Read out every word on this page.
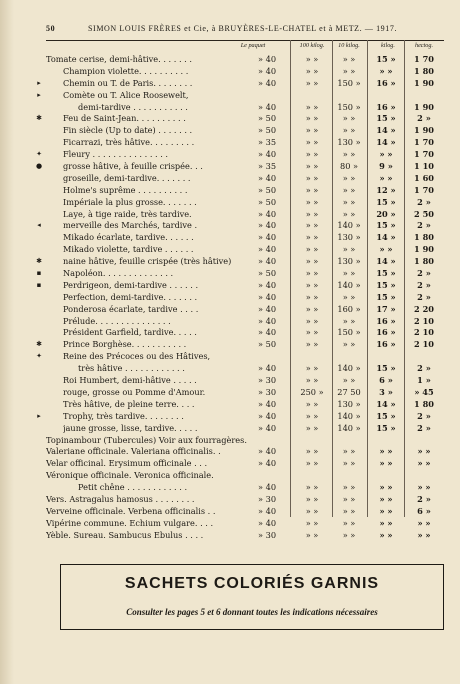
50	SIMON LOUIS FRÈRES et Cie, à BRUYÈRES-LE-CHATEL et à METZ. — 1917.
Le paquet	100 kilog.	10 kilog.	kilog.	hectog.
Tomate cerise, demi-hâtive. . . . . . .	» 40	» »	» »	15 »	1 70
Champion violette. . . . . . . . . .	» 40	» »	» »	» »	1 80
▸	Chemin ou T. de Paris. . . . . . . .	» 40	» »	150 »	16 »	1 90
▸	Comète ou T. Alice Roosewelt,
demi-tardive . . . . . . . . . . .	» 40	» »	150 »	16 »	1 90
✱	Feu de Saint-Jean. . . . . . . . . .	» 50	» »	» »	15 »	2 »
Fin siècle (Up to date) . . . . . . .	» 50	» »	» »	14 »	1 90
Ficarrazi, très hâtive. . . . . . . . .	» 35	» »	130 »	14 »	1 70
✦	Fleury . . . . . . . . . . . . . . .	» 40	» »	» »	» »	1 70
●	grosse hâtive, à feuille crispée. . .	» 35	» »	80 »	9 »	1 10
groseille, demi-tardive. . . . . . .	» 40	» »	» »	» »	1 60
Holme's suprême . . . . . . . . . .	» 50	» »	» »	12 »	1 70
Impériale la plus grosse. . . . . . .	» 50	» »	» »	15 »	2 »
Laye, à tige raide, très tardive.	» 40	» »	» »	20 »	2 50
◂	merveille des Marchés, tardive .	» 40	» »	140 »	15 »	2 »
Mikado écarlate, tardive. . . . . .	» 40	» »	130 »	14 »	1 80
Mikado violette, tardive . . . . . .	» 40	» »	» »	» »	1 90
✱	naine hâtive, feuille crispée (très hâtive)	» 40	» »	130 »	14 »	1 80
▪	Napoléon. . . . . . . . . . . . . .	» 50	» »	» »	15 »	2 »
▪	Perdrigeon, demi-tardive . . . . . .	» 40	» »	140 »	15 »	2 »
Perfection, demi-tardive. . . . . . .	» 40	» »	» »	15 »	2 »
Ponderosa écarlate, tardive . . . .	» 40	» »	160 »	17 »	2 20
Prélude. . . . . . . . . . . . . . .	» 40	» »	» »	16 »	2 10
Président Garfield, tardive. . . . .	» 40	» »	150 »	16 »	2 10
✱	Prince Borghèse. . . . . . . . . . .	» 50	» »	» »	16 »	2 10
✦	Reine des Précoces ou des Hâtives,
très hâtive . . . . . . . . . . . .	» 40	» »	140 »	15 »	2 »
Roi Humbert, demi-hâtive . . . . .	» 30	» »	» »	6 »	1 »
rouge, grosse ou Pomme d'Amour.	» 30	250 »	27 50	3 »	» 45
Très hâtive, de pleine terre. . . .	» 40	» »	130 »	14 »	1 80
▸	Trophy, très tardive. . . . . . . .	» 40	» »	140 »	15 »	2 »
jaune grosse, lisse, tardive. . . . .	» 40	» »	140 »	15 »	2 »
Topinambour (Tubercules) Voir aux fourragères.
Valeriane officinale. Valeriana officinalis. .	» 40	» »	» »	» »	» »
Velar officinal. Erysimum officinale . . .	» 40	» »	» »	» »	» »
Véronique officinale. Veronica officinale.
Petit chêne . . . . . . . . . . . .	» 40	» »	» »	» »	» »
Vers. Astragalus hamosus . . . . . . . .	» 30	» »	» »	» »	2 »
Verveine officinale. Verbena officinalis . .	» 40	» »	» »	» »	6 »
Vipérine commune. Echium vulgare. . . .	» 40	» »	» »	» »	» »
Yèble. Sureau. Sambucus Ebulus . . . .	» 30	» »	» »	» »	» »
SACHETS COLORIÉS GARNIS
Consulter les pages 5 et 6 donnant toutes les indications nécessaires
